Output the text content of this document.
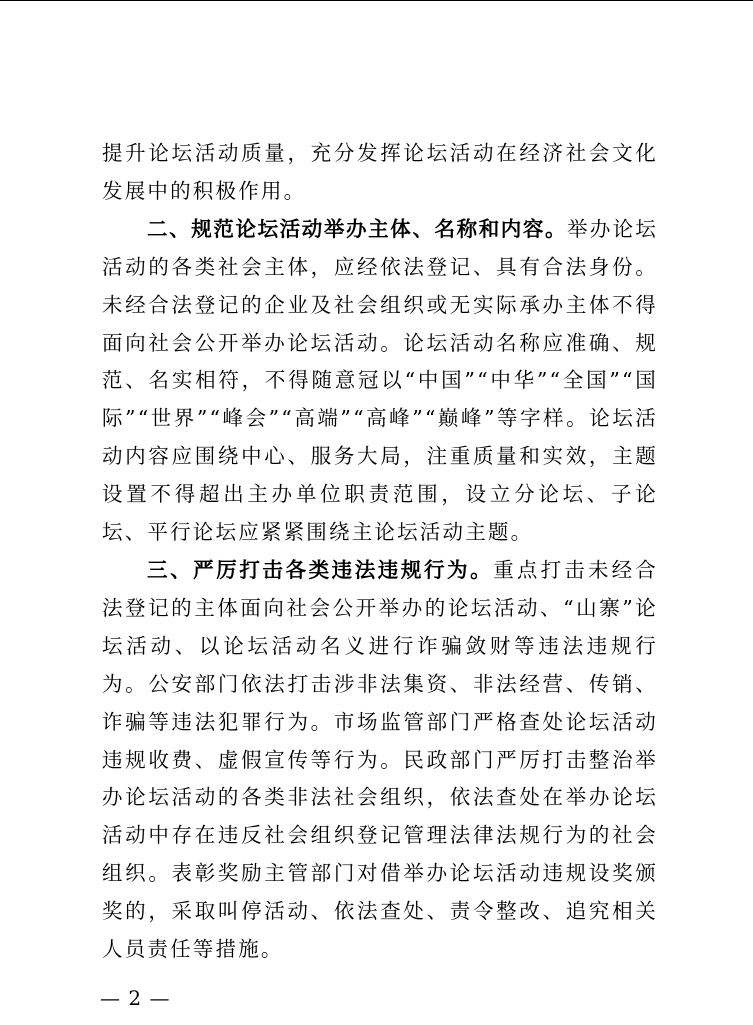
提升论坛活动质量，充分发挥论坛活动在经济社会文化发展中的积极作用。

二、规范论坛活动举办主体、名称和内容。举办论坛活动的各类社会主体，应经依法登记、具有合法身份。未经合法登记的企业及社会组织或无实际承办主体不得面向社会公开举办论坛活动。论坛活动名称应准确、规范、名实相符，不得随意冠以“中国”“中华”“全国”“国际”“世界”“峰会”“高端”“高峰”“巅峰”等字样。论坛活动内容应围绕中心、服务大局，注重质量和实效，主题设置不得超出主办单位职责范围，设立分论坛、子论坛、平行论坛应紧紧围绕主论坛活动主题。

三、严厉打击各类违法违规行为。重点打击未经合法登记的主体面向社会公开举办的论坛活动、“山寨”论坛活动、以论坛活动名义进行诈骗敛财等违法违规行为。公安部门依法打击涉非法集资、非法经营、传销、诈骗等违法犯罪行为。市场监管部门严格查处论坛活动违规收费、虚假宣传等行为。民政部门严厉打击整治举办论坛活动的各类非法社会组织，依法查处在举办论坛活动中存在违反社会组织登记管理法律法规行为的社会组织。表彰奖励主管部门对借举办论坛活动违规设奖颁奖的，采取叫停活动、依法查处、责令整改、追究相关人员责任等措施。

— 2 —
